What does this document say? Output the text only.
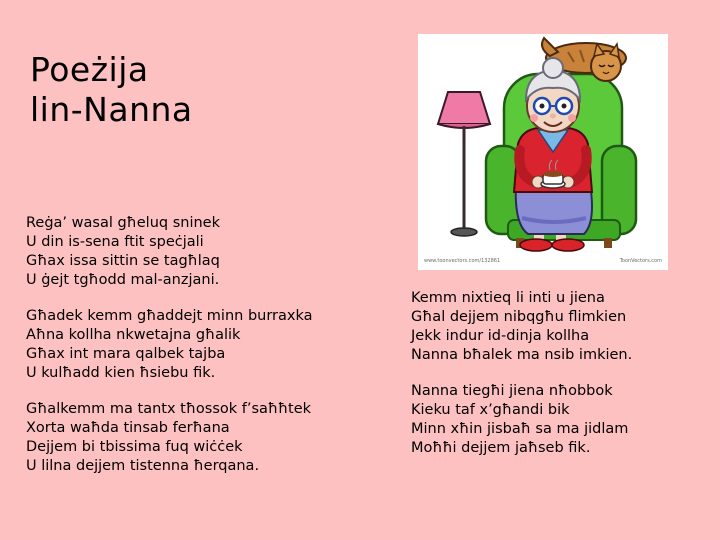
Poeżija
lin-Nanna

Reġa’ wasal għeluq sninek
U din is-sena ftit speċjali
Għax issa sittin se tagħlaq
U ġejt tgħodd mal-anzjani.

Għadek kemm għaddejt minn burraxka
Aħna kollha nkwetajna għalik
Għax int mara qalbek tajba
U kulħadd kien ħsiebu fik.

Għalkemm ma tantx tħossok f’saħħtek
Xorta waħda tinsab ferħana
Dejjem bi tbissima fuq wiċċek
U lilna dejjem tistenna ħerqana.

Kemm nixtieq li inti u jiena
Għal dejjem nibqgħu flimkien
Jekk indur id-dinja kollha
Nanna bħalek ma nsib imkien.

Nanna tiegħi jiena nħobbok
Kieku taf x’għandi bik
Minn xħin jisbaħ sa ma jidlam
Moħħi dejjem jaħseb fik.

www.toonvectors.com/132861	ToonVectors.com
